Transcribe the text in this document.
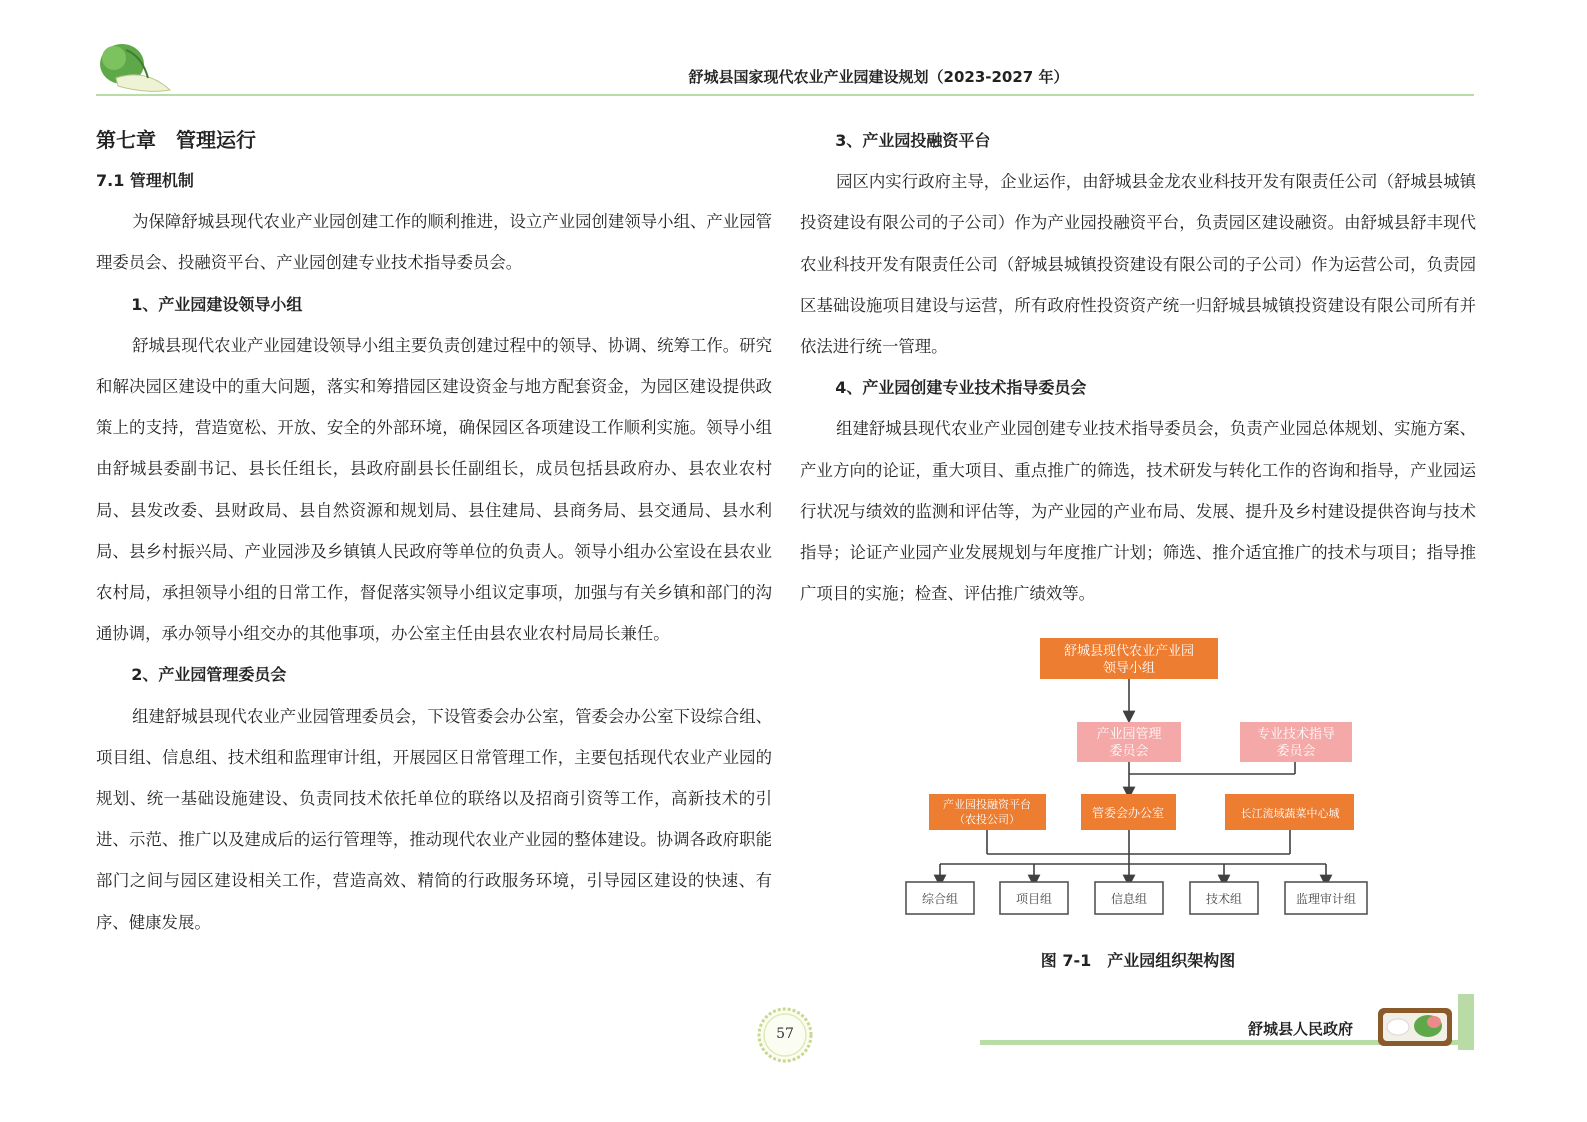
舒城县国家现代农业产业园建设规划（2023-2027 年）

第七章　管理运行

7.1 管理机制

为保障舒城县现代农业产业园创建工作的顺利推进，设立产业园创建领导小组、产业园管理委员会、投融资平台、产业园创建专业技术指导委员会。

1、产业园建设领导小组

舒城县现代农业产业园建设领导小组主要负责创建过程中的领导、协调、统筹工作。研究和解决园区建设中的重大问题，落实和筹措园区建设资金与地方配套资金，为园区建设提供政策上的支持，营造宽松、开放、安全的外部环境，确保园区各项建设工作顺利实施。领导小组由舒城县委副书记、县长任组长，县政府副县长任副组长，成员包括县政府办、县农业农村局、县发改委、县财政局、县自然资源和规划局、县住建局、县商务局、县交通局、县水利局、县乡村振兴局、产业园涉及乡镇镇人民政府等单位的负责人。领导小组办公室设在县农业农村局，承担领导小组的日常工作，督促落实领导小组议定事项，加强与有关乡镇和部门的沟通协调，承办领导小组交办的其他事项，办公室主任由县农业农村局局长兼任。

2、产业园管理委员会

组建舒城县现代农业产业园管理委员会，下设管委会办公室，管委会办公室下设综合组、项目组、信息组、技术组和监理审计组，开展园区日常管理工作，主要包括现代农业产业园的规划、统一基础设施建设、负责同技术依托单位的联络以及招商引资等工作，高新技术的引进、示范、推广以及建成后的运行管理等，推动现代农业产业园的整体建设。协调各政府职能部门之间与园区建设相关工作，营造高效、精简的行政服务环境，引导园区建设的快速、有序、健康发展。

3、产业园投融资平台

园区内实行政府主导，企业运作，由舒城县金龙农业科技开发有限责任公司（舒城县城镇投资建设有限公司的子公司）作为产业园投融资平台，负责园区建设融资。由舒城县舒丰现代农业科技开发有限责任公司（舒城县城镇投资建设有限公司的子公司）作为运营公司，负责园区基础设施项目建设与运营，所有政府性投资资产统一归舒城县城镇投资建设有限公司所有并依法进行统一管理。

4、产业园创建专业技术指导委员会

组建舒城县现代农业产业园创建专业技术指导委员会，负责产业园总体规划、实施方案、产业方向的论证，重大项目、重点推广的筛选，技术研发与转化工作的咨询和指导，产业园运行状况与绩效的监测和评估等，为产业园的产业布局、发展、提升及乡村建设提供咨询与技术指导；论证产业园产业发展规划与年度推广计划；筛选、推介适宜推广的技术与项目；指导推广项目的实施；检查、评估推广绩效等。

舒城县现代农业产业园
领导小组
产业园管理
委员会
专业技术指导
委员会
产业园投融资平台
（农投公司）	管委会办公室	长江流域蔬菜中心城
综合组	项目组	信息组	技术组	监理审计组
图 7-1　产业园组织架构图
57	舒城县人民政府
